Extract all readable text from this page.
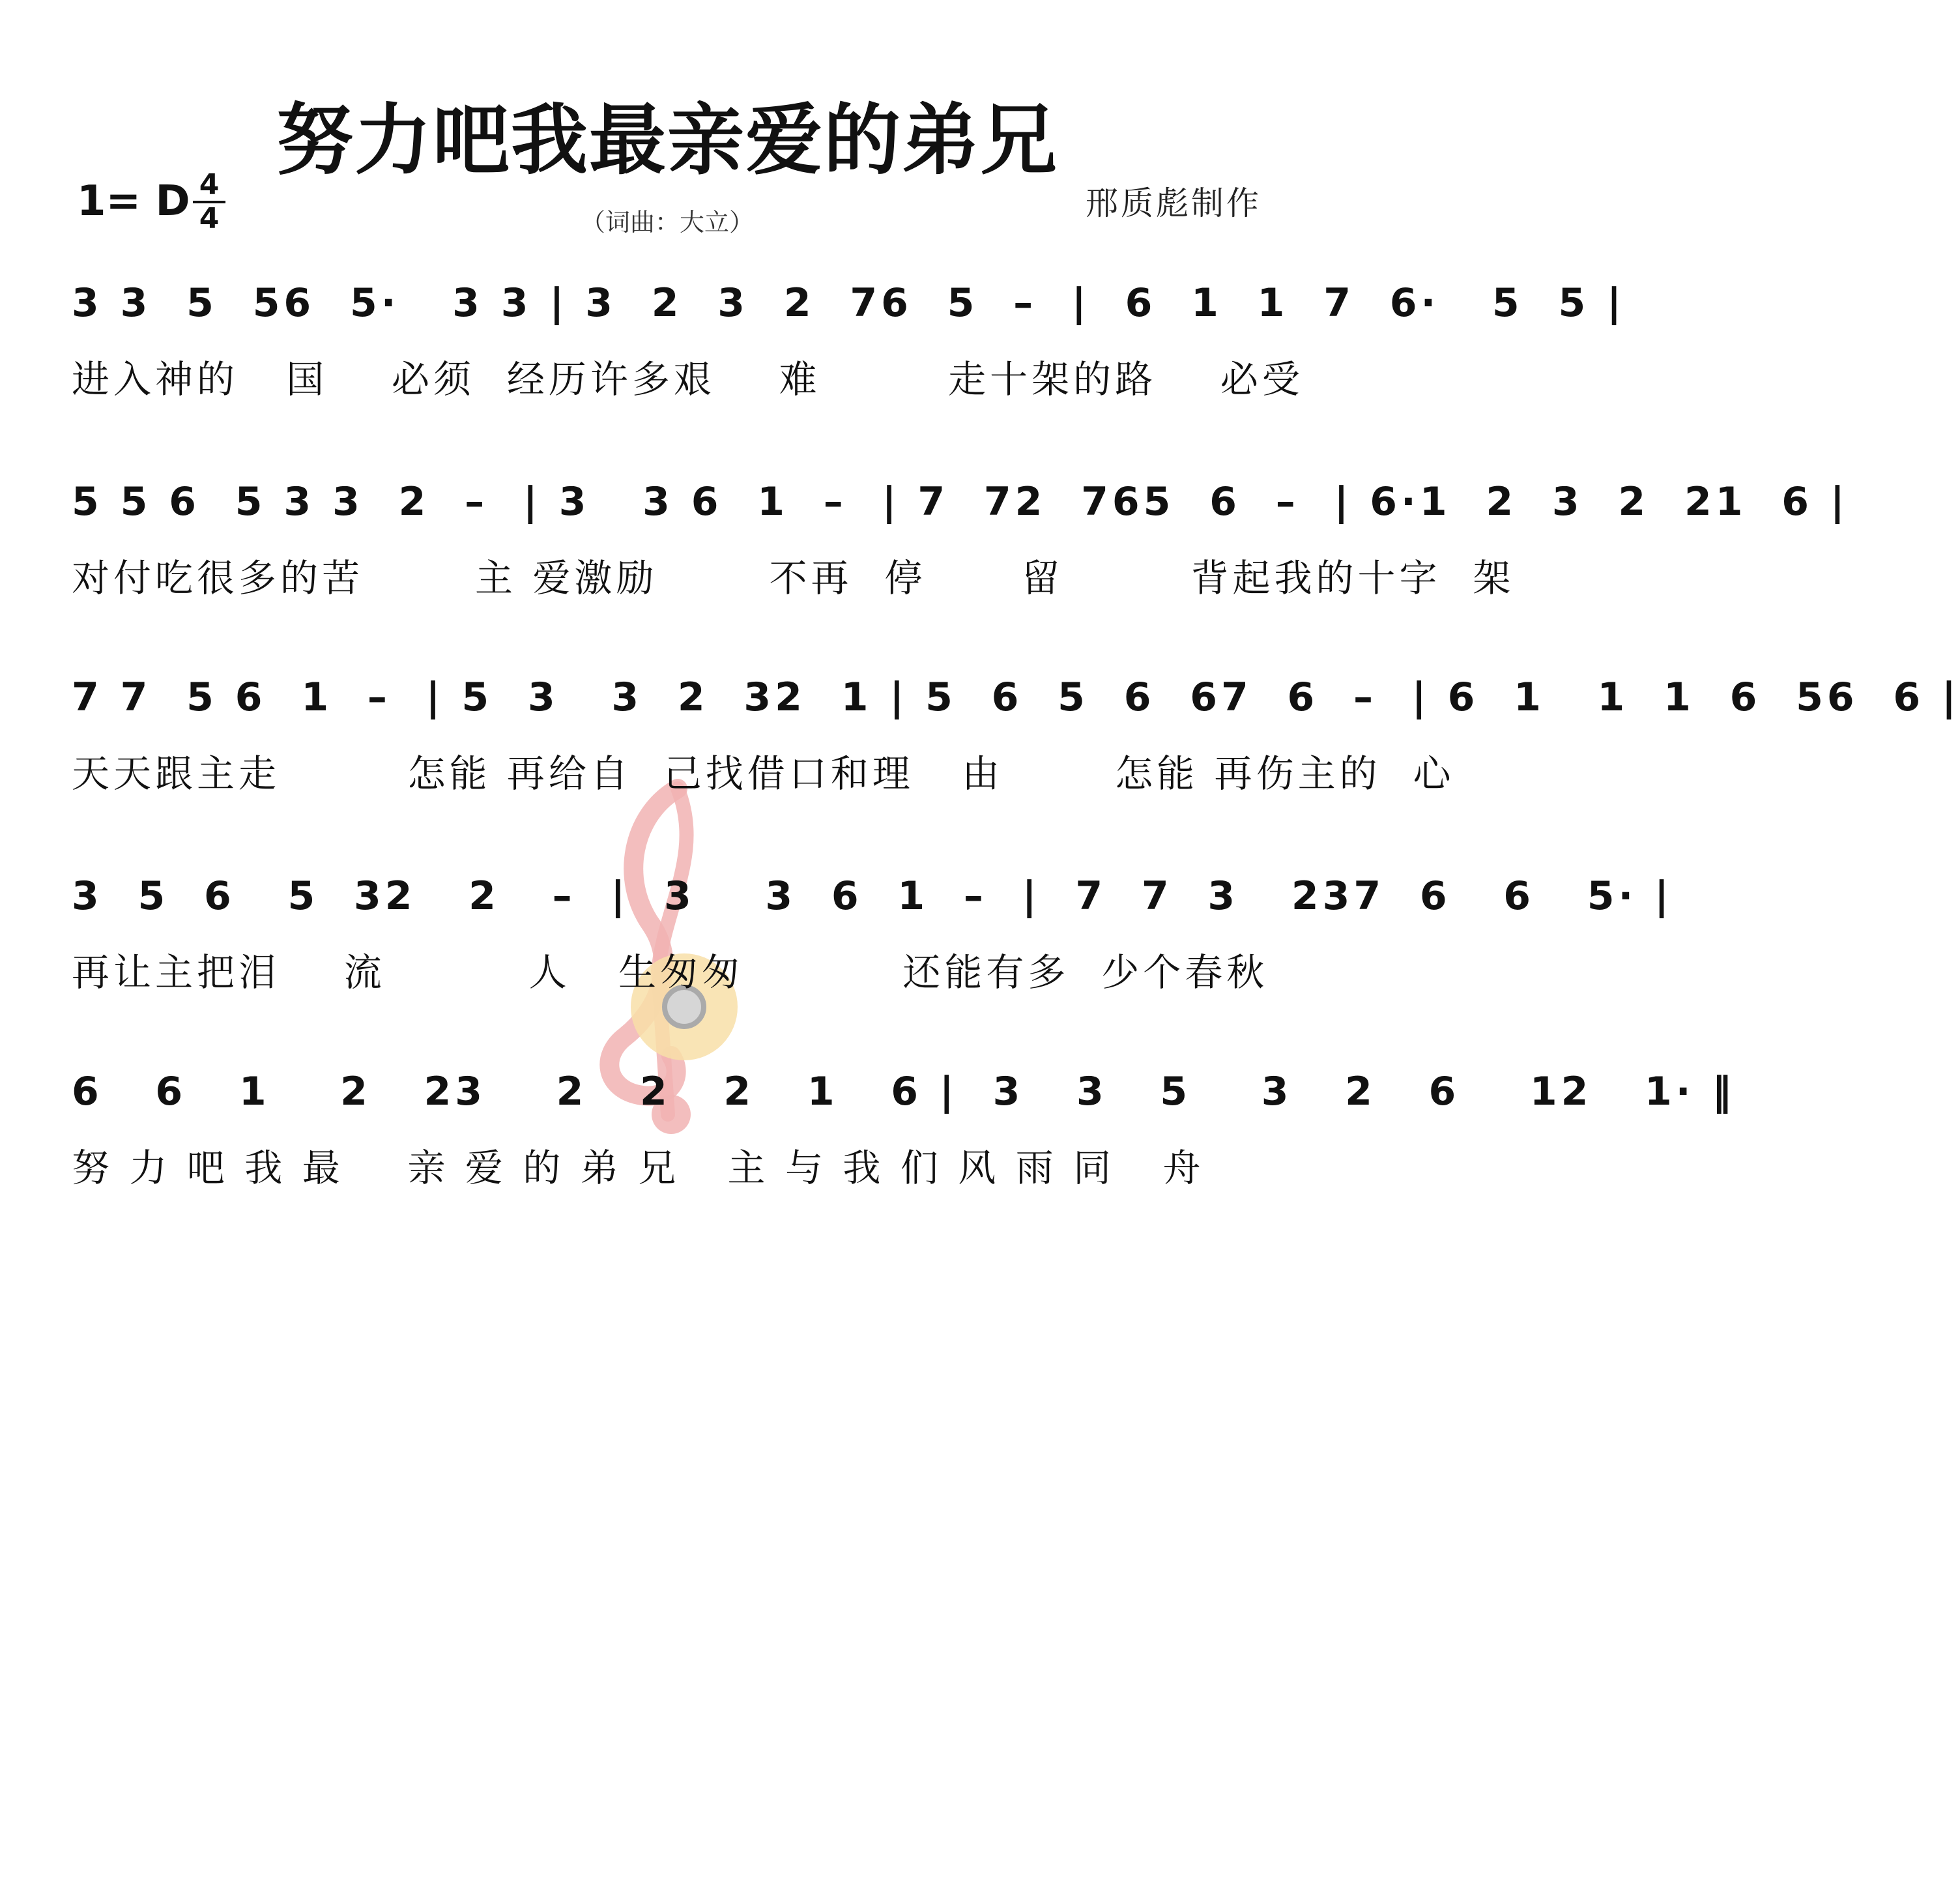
努力吧我最亲爱的弟兄
1= D $\frac{4}{4}$	（词曲：大立）	邢质彪制作
3 3  5  56  5·   3 3 | 3  2  3  2  76  5  –  |  6  1  1  7  6·   5  5 |
进入神的   国    必须  经历许多艰    难        走十架的路    必受
5 5 6  5 3 3  2  –  | 3   3 6  1  –  | 7  72  765  6  –  | 6·1  2  3  2  21  6 |
对付吃很多的苦       主 爱激励       不再  停      留        背起我的十字  架
7 7  5 6  1  –  | 5  3   3  2  32  1 | 5  6  5  6  67  6  –  | 6  1   1  1  6  56  6 |
天天跟主走        怎能 再给自  己找借口和理   由       怎能 再伤主的  心
3  5  6   5  32   2   –  |  3    3  6  1  –  |  7  7  3   237  6   6   5· |
再让主把泪    流         人   生匆匆          还能有多  少个春秋
6   6   1    2   23    2   2   2   1   6 |  3   3   5    3   2   6    12   1· ‖
努 力 吧 我 最    亲 爱 的 弟 兄   主 与 我 们 风 雨 同   舟
